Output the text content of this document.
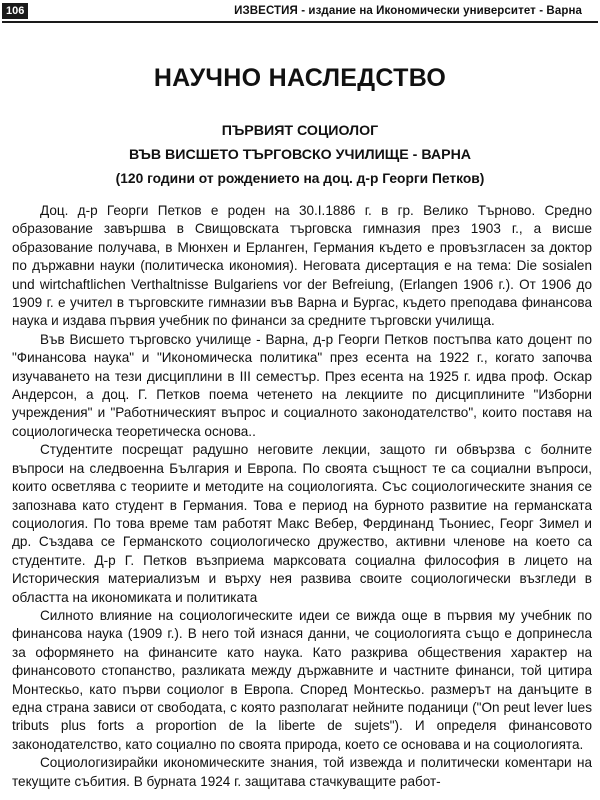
106	ИЗВЕСТИЯ - издание на Икономически университет - Варна
НАУЧНО НАСЛЕДСТВО
ПЪРВИЯТ СОЦИОЛОГ
ВЪВ ВИСШЕТО ТЪРГОВСКО УЧИЛИЩЕ - ВАРНА
(120 години от рождението на доц. д-р Георги Петков)

Доц. д-р Георги Петков е роден на 30.I.1886 г. в гр. Велико Търново. Средно образование завършва в Свищовската търговска гимназия през 1903 г., а висше образование получава, в Мюнхен и Ерланген, Германия където е провъзгласен за доктор по държавни науки (политическа икономия). Неговата дисертация е на тема: Die sosialen und wirtchaftlichen Verthaltnisse Bulgariens vor der Befreiung, (Erlangen 1906 г.). От 1906 до 1909 г. е учител в търговските гимназии във Варна и Бургас, където преподава финансова наука и издава първия учебник по финанси за средните търговски училища.

Във Висшето търговско училище - Варна, д-р Георги Петков постъпва като доцент по "Финансова наука" и "Икономическа политика" през есента на 1922 г., когато започва изучаването на тези дисциплини в III семестър. През есента на 1925 г. идва проф. Оскар Андерсон, а доц. Г. Петков поема четенето на лекциите по дисциплините "Изборни учреждения" и "Работническият въпрос и социалното законодателство", които поставя на социологическа теоретическа основа..

Студентите посрещат радушно неговите лекции, защото ги обвързва с болните въпроси на следвоенна България и Европа. По своята същност те са социални въпроси, които осветлява с теориите и методите на социологията. Със социологическите знания се запознава като студент в Германия. Това е период на бурното развитие на германската социология. По това време там работят Макс Вебер, Фердинанд Тьониес, Георг Зимел и др. Създава се Германското социологическо дружество, активни членове на което са студентите. Д-р Г. Петков възприема марксовата социална философия в лицето на Историческия материализъм и върху нея развива своите социологически възгледи в областта на икономиката и политиката

Силното влияние на социологическите идеи се вижда още в първия му учебник по финансова наука (1909 г.). В него той изнася данни, че социологията също е допринесла за оформянето на финансите като наука. Като разкрива обществения характер на финансовото стопанство, разликата между държавните и частните финанси, той цитира Монтескьо, като първи социолог в Европа. Според Монтескьо. размерът на данъците в една страна зависи от свободата, с която разполагат нейните поданици ("On peut lever lues tributs plus forts a proportion de la liberte de sujets"). И определя финансовото законодателство, като социално по своята природа, което се основава и на социологията.

Социологизирайки икономическите знания, той извежда и политически коментари на текущите събития. В бурната 1924 г. защитава стачкуващите работ-
